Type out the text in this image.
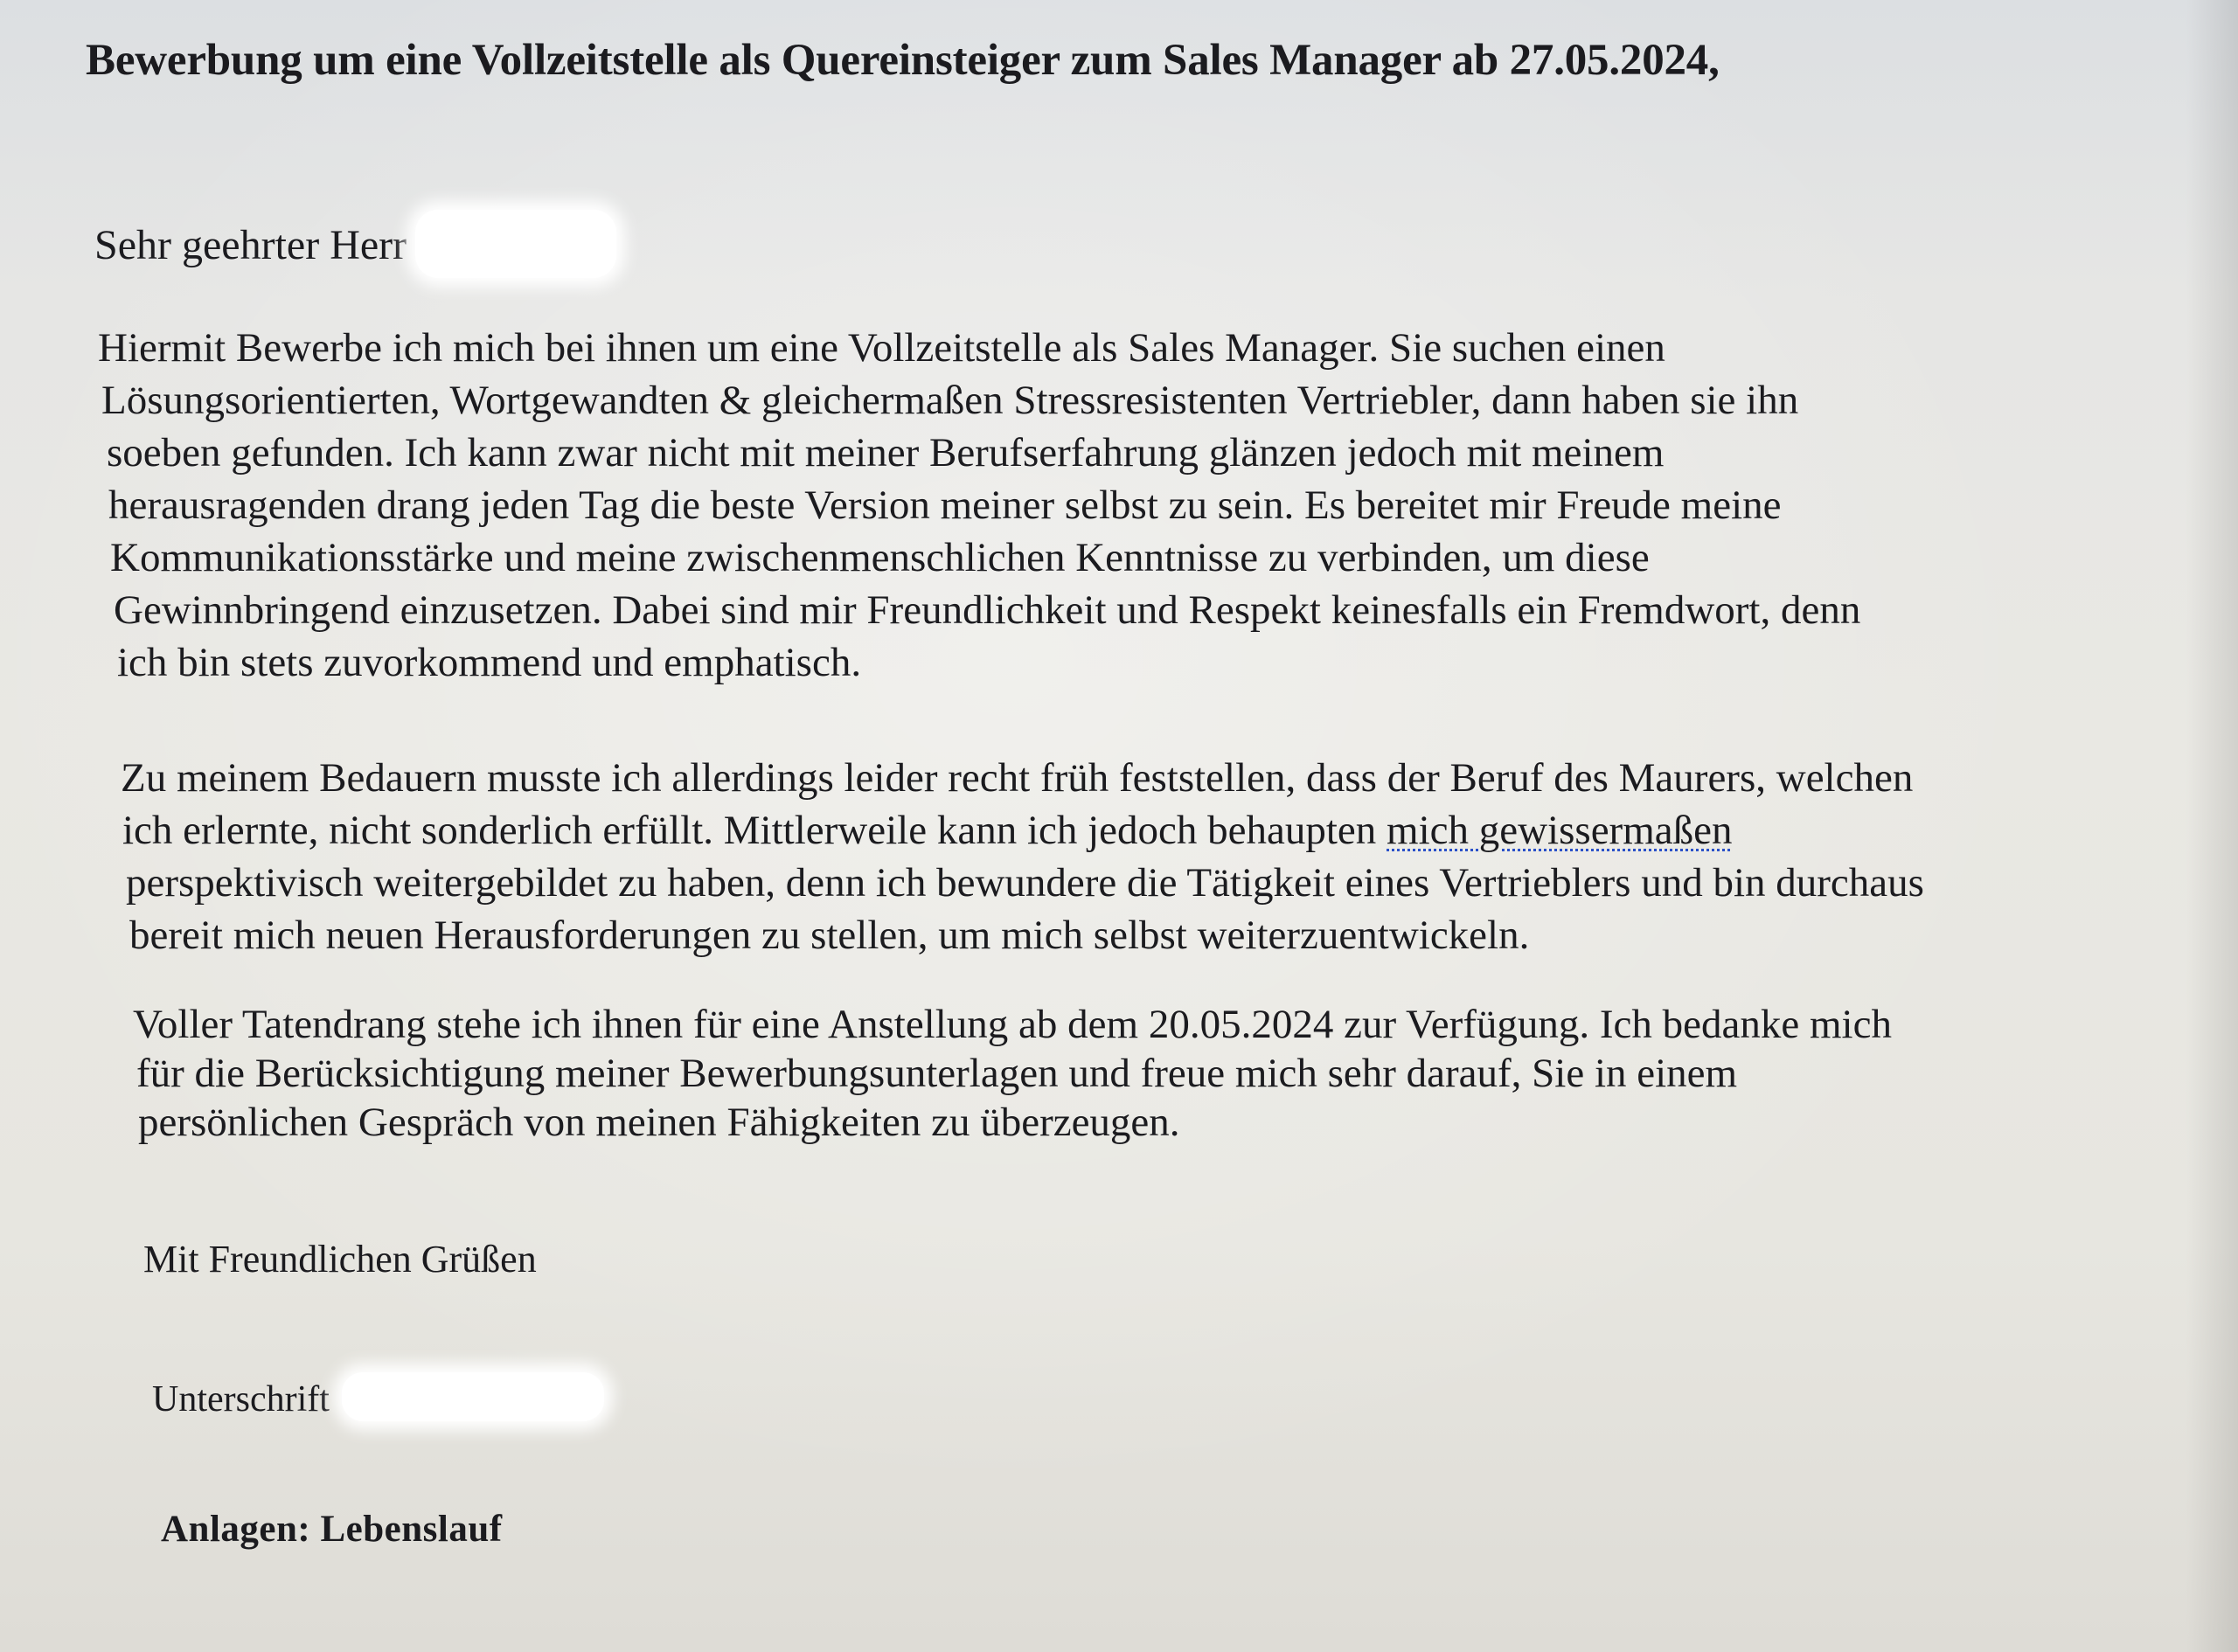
Bewerbung um eine Vollzeitstelle als Quereinsteiger zum Sales Manager ab 27.05.2024,
Sehr geehrter Herr
Hiermit Bewerbe ich mich bei ihnen um eine Vollzeitstelle als Sales Manager. Sie suchen einen
Lösungsorientierten, Wortgewandten & gleichermaßen Stressresistenten Vertriebler, dann haben sie ihn
soeben gefunden. Ich kann zwar nicht mit meiner Berufserfahrung glänzen jedoch mit meinem
herausragenden drang jeden Tag die beste Version meiner selbst zu sein. Es bereitet mir Freude meine
Kommunikationsstärke und meine zwischenmenschlichen Kenntnisse zu verbinden, um diese
Gewinnbringend einzusetzen. Dabei sind mir Freundlichkeit und Respekt keinesfalls ein Fremdwort, denn
ich bin stets zuvorkommend und emphatisch.
Zu meinem Bedauern musste ich allerdings leider recht früh feststellen, dass der Beruf des Maurers, welchen
ich erlernte, nicht sonderlich erfüllt. Mittlerweile kann ich jedoch behaupten mich gewissermaßen
perspektivisch weitergebildet zu haben, denn ich bewundere die Tätigkeit eines Vertrieblers und bin durchaus
bereit mich neuen Herausforderungen zu stellen, um mich selbst weiterzuentwickeln.
Voller Tatendrang stehe ich ihnen für eine Anstellung ab dem 20.05.2024 zur Verfügung. Ich bedanke mich
für die Berücksichtigung meiner Bewerbungsunterlagen und freue mich sehr darauf, Sie in einem
persönlichen Gespräch von meinen Fähigkeiten zu überzeugen.
Mit Freundlichen Grüßen
Unterschrift
Anlagen: Lebenslauf
